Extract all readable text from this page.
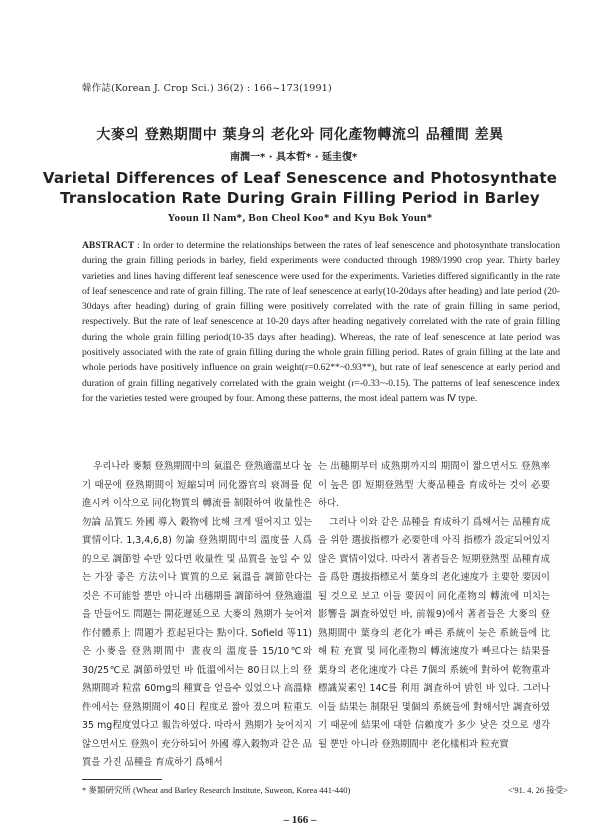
韓作誌(Korean J. Crop Sci.) 36(2) : 166~173(1991)
大麥의 登熟期間中 葉身의 老化와 同化產物轉流의 品種間 差異
南潤一* · 具本哲* · 延圭復*
Varietal Differences of Leaf Senescence and Photosynthate
Translocation Rate During Grain Filling Period in Barley
Yooun Il Nam*, Bon Cheol Koo* and Kyu Bok Youn*
ABSTRACT : In order to determine the relationships between the rates of leaf senescence and photosynthate translocation during the grain filling periods in barley, field experiments were conducted through 1989/1990 crop year. Thirty barley varieties and lines having different leaf senescence were used for the experiments. Varieties differed significantly in the rate of leaf senescence and rate of grain filling. The rate of leaf senescence at early(10-20days after heading) and late period (20-30days after heading) during of grain filling were positively correlated with the rate of grain filling in same period, respectively. But the rate of leaf senescence at 10-20 days after heading negatively correlated with the rate of grain filling during the whole grain filling period(10-35 days after heading). Whereas, the rate of leaf senescence at late period was positively associated with the rate of grain filling during the whole grain filling period. Rates of grain filling at the late and whole periods have positively influence on grain weight(r=0.62**~0.93**), but rate of leaf senescence at early period and duration of grain filling negatively correlated with the grain weight (r=-0.33~-0.15). The patterns of leaf senescence index for the varieties tested were grouped by four. Among these patterns, the most ideal pattern was Ⅳ type.

우리나라 麥類 登熟期間中의 氣溫은 登熟適溫보다 높기 때문에 登熟期間이 短縮되며 同化器官의 衰凋를 促進시켜 이삭으로 同化物質의 轉流를 制限하여 收量性은 勿論 品質도 外國 導入 穀物에 比해 크게 떨어지고 있는 實情이다. 1,3,4,6,8) 勿論 登熟期間中의 溫度를 人爲的으로 調節할 수만 있다면 收量性 및 品質을 높일 수 있는 가장 좋은 方法이나 實質的으로 氣溫을 調節한다는 것은 不可能할 뿐만 아니라 出穗期를 調節하여 登熟適溫을 만들어도 問題는 開花遲延으로 大麥의 熟期가 늦어져 作付體系上 問題가 惹起된다는 點이다. Sofield 等11)은 小麥을 登熟期間中 晝夜의 溫度를 15/10℃와 30/25℃로 調節하였던 바 低溫에서는 80日以上의 登熟期間과 粒當 60mg의 種實을 얻을수 있었으나 高溫條件에서는 登熟期間이 40日 程度로 짧아 졌으며 粒重도 35 mg程度였다고 報告하였다. 따라서 熟期가 늦어지지 않으면서도 登熟이 充分하되어 外國 導入穀物과 같은 品質을 가진 品種을 育成하기 爲해서

는 出穗期부터 成熟期까지의 期間이 짧으면서도 登熟率이 높은 卽 短期登熟型 大麥品種을 育成하는 것이 必要하다.

그러나 이와 같은 品種을 育成하기 爲해서는 品種育成을 위한 選拔指標가 必要한데 아직 指標가 設定되어있지 않은 實情이었다. 따라서 著者들은 短期登熟型 品種育成을 爲한 選拔指標로서 葉身의 老化速度가 主要한 要因이 될 것으로 보고 이들 要因이 同化產物의 轉流에 미치는 影響을 調査하였던 바, 前報9)에서 著者들은 大麥의 登熟期間中 葉身의 老化가 빠른 系統이 늦은 系統들에 比해 粒 充實 및 同化產物의 轉流速度가 빠르다는 結果를 葉身의 老化速度가 다른 7個의 系統에 對하여 乾物重과 標識炭素인 14C를 利用 調査하여 밝힌 바 있다. 그러나 이들 結果는 制限된 몇個의 系統들에 對해서만 調査하였기 때문에 結果에 대한 信賴度가 多少 낮은 것으로 생각될 뿐만 아니라 登熟期間中 老化樣相과 粒充實

* 麥類硏究所 (Wheat and Barley Research Institute, Suweon, Korea 441-440)	<'91. 4. 26 接受>
– 166 –
